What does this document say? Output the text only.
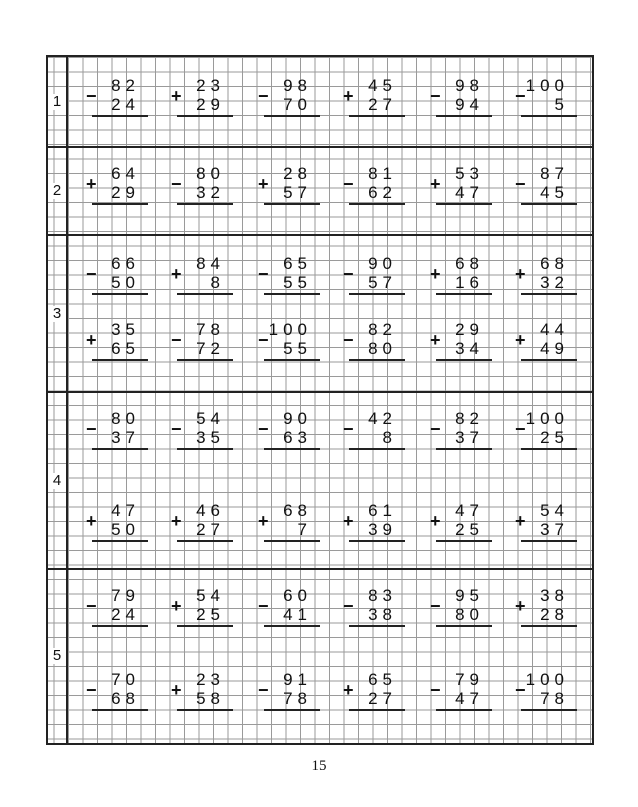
1 −
82
24 +
23
29 −
98
70 +
45
27 −
98
94 −
100
5
2 +
64
29 −
80
32 +
28
57 −
81
62 +
53
47 −
87
45
3
−
66
50 +
84
8 −
65
55 −
90
57 +
68
16 +
68
32
+
35
65 −
78
72 −
100
55 −
82
80 +
29
34 +
44
49
4
−
80
37 −
54
35 −
90
63 −
42
8 −
82
37 −
100
25
+
47
50 +
46
27 +
68
7 +
61
39 +
47
25 +
54
37
5
−
79
24 +
54
25 −
60
41 −
83
38 −
95
80 +
38
28
−
70
68 +
23
58 −
91
78 +
65
27 −
79
47 −
100
78
15
